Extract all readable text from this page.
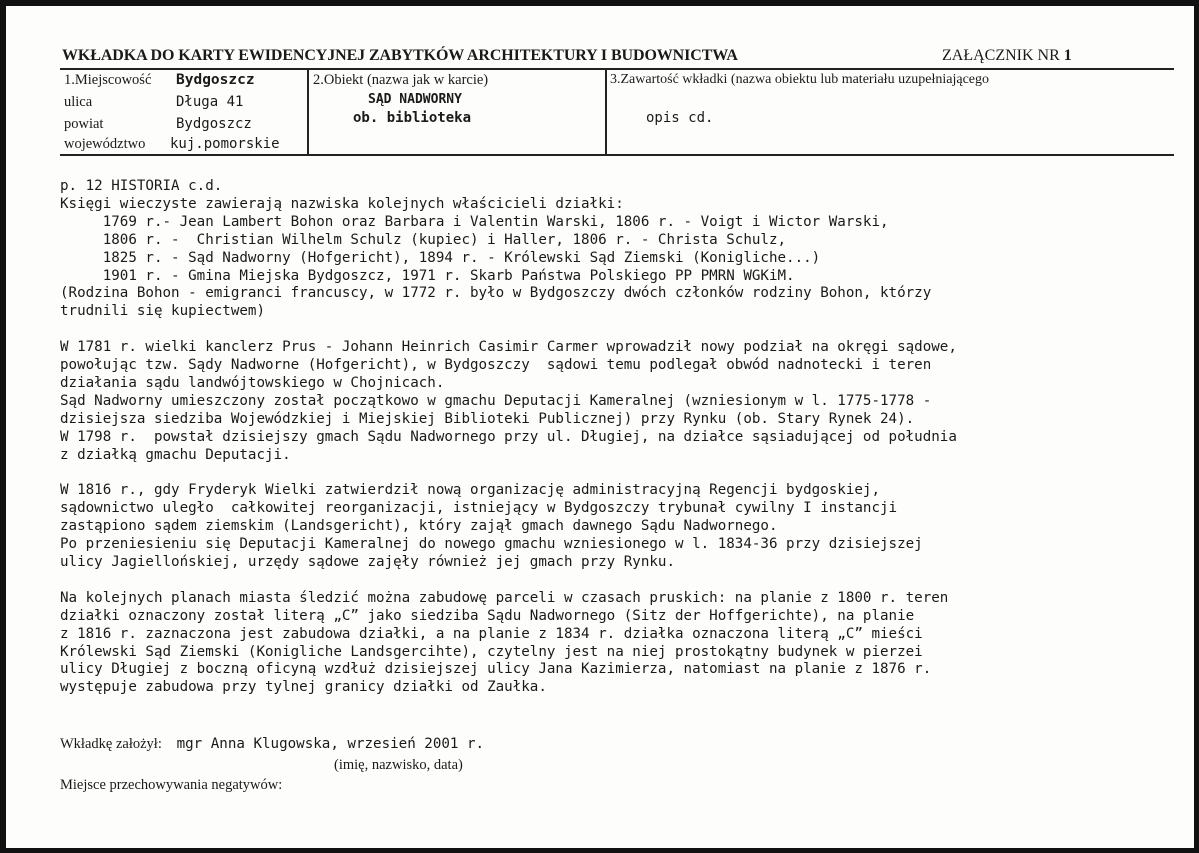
WKŁADKA DO KARTY EWIDENCYJNEJ ZABYTKÓW ARCHITEKTURY I BUDOWNICTWA	ZAŁĄCZNIK NR 1
1.Miejscowość Bydgoszcz
ulica	Długa 41
powiat	Bydgoszcz
województwo kuj.pomorskie
2.Obiekt (nazwa jak w karcie)
SĄD NADWORNY
ob. biblioteka
3.Zawartość wkładki (nazwa obiektu lub materiału uzupełniającego
opis cd.
p. 12 HISTORIA c.d.
Księgi wieczyste zawierają nazwiska kolejnych właścicieli działki:
1769 r.- Jean Lambert Bohon oraz Barbara i Valentin Warski, 1806 r. - Voigt i Wictor Warski,
1806 r. -  Christian Wilhelm Schulz (kupiec) i Haller, 1806 r. - Christa Schulz,
1825 r. - Sąd Nadworny (Hofgericht), 1894 r. - Królewski Sąd Ziemski (Konigliche...)
1901 r. - Gmina Miejska Bydgoszcz, 1971 r. Skarb Państwa Polskiego PP PMRN WGKiM.
(Rodzina Bohon - emigranci francuscy, w 1772 r. było w Bydgoszczy dwóch członków rodziny Bohon, którzy
trudnili się kupiectwem)

W 1781 r. wielki kanclerz Prus - Johann Heinrich Casimir Carmer wprowadził nowy podział na okręgi sądowe,
powołując tzw. Sądy Nadworne (Hofgericht), w Bydgoszczy  sądowi temu podlegał obwód nadnotecki i teren
działania sądu landwójtowskiego w Chojnicach.
Sąd Nadworny umieszczony został początkowo w gmachu Deputacji Kameralnej (wzniesionym w l. 1775-1778 -
dzisiejsza siedziba Wojewódzkiej i Miejskiej Biblioteki Publicznej) przy Rynku (ob. Stary Rynek 24).
W 1798 r.  powstał dzisiejszy gmach Sądu Nadwornego przy ul. Długiej, na działce sąsiadującej od południa
z działką gmachu Deputacji.

W 1816 r., gdy Fryderyk Wielki zatwierdził nową organizację administracyjną Regencji bydgoskiej,
sądownictwo uległo  całkowitej reorganizacji, istniejący w Bydgoszczy trybunał cywilny I instancji
zastąpiono sądem ziemskim (Landsgericht), który zajął gmach dawnego Sądu Nadwornego.
Po przeniesieniu się Deputacji Kameralnej do nowego gmachu wzniesionego w l. 1834-36 przy dzisiejszej
ulicy Jagiellońskiej, urzędy sądowe zajęły również jej gmach przy Rynku.

Na kolejnych planach miasta śledzić można zabudowę parceli w czasach pruskich: na planie z 1800 r. teren
działki oznaczony został literą „C” jako siedziba Sądu Nadwornego (Sitz der Hoffgerichte), na planie
z 1816 r. zaznaczona jest zabudowa działki, a na planie z 1834 r. działka oznaczona literą „C” mieści
Królewski Sąd Ziemski (Konigliche Landsgercihte), czytelny jest na niej prostokątny budynek w pierzei
ulicy Długiej z boczną oficyną wzdłuż dzisiejszej ulicy Jana Kazimierza, natomiast na planie z 1876 r.
występuje zabudowa przy tylnej granicy działki od Zaułka.
Wkładkę założył: mgr Anna Klugowska, wrzesień 2001 r.
(imię, nazwisko, data)
Miejsce przechowywania negatywów:
